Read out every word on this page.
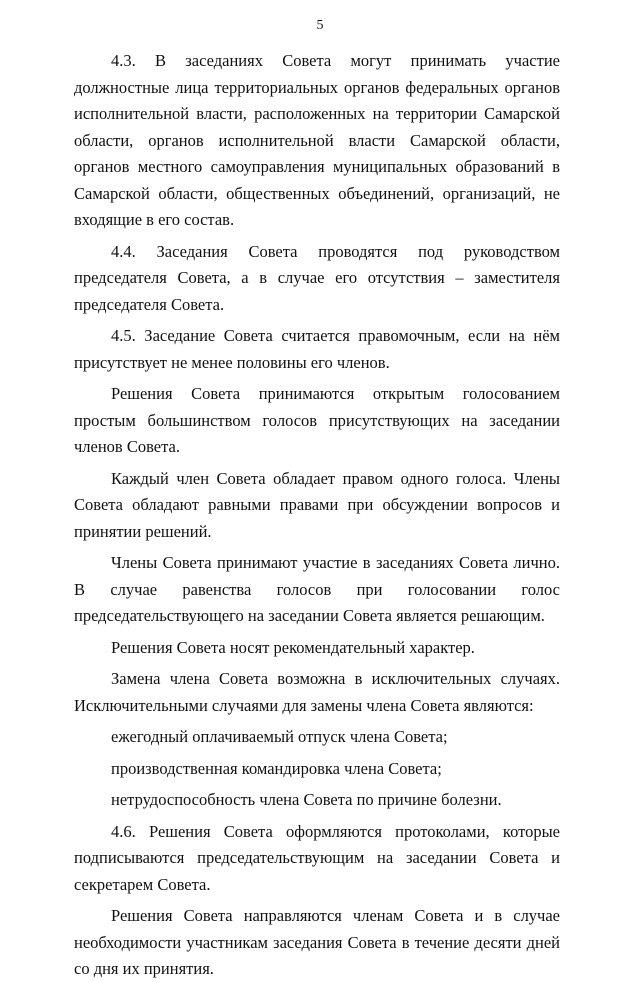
5

4.3. В заседаниях Совета могут принимать участие должностные лица территориальных органов федеральных органов исполнительной власти, расположенных на территории Самарской области, органов исполнительной власти Самарской области, органов местного самоуправления муниципальных образований в Самарской области, общественных объединений, организаций, не входящие в его состав.

4.4. Заседания Совета проводятся под руководством председателя Совета, а в случае его отсутствия – заместителя председателя Совета.

4.5. Заседание Совета считается правомочным, если на нём присутствует не менее половины его членов.

Решения Совета принимаются открытым голосованием простым большинством голосов присутствующих на заседании членов Совета.

Каждый член Совета обладает правом одного голоса. Члены Совета обладают равными правами при обсуждении вопросов и принятии решений.

Члены Совета принимают участие в заседаниях Совета лично. В случае равенства голосов при голосовании голос председательствующего на заседании Совета является решающим.

Решения Совета носят рекомендательный характер.

Замена члена Совета возможна в исключительных случаях. Исключительными случаями для замены члена Совета являются:

ежегодный оплачиваемый отпуск члена Совета;

производственная командировка члена Совета;

нетрудоспособность члена Совета по причине болезни.

4.6. Решения Совета оформляются протоколами, которые подписываются председательствующим на заседании Совета и секретарем Совета.

Решения Совета направляются членам Совета и в случае необходимости участникам заседания Совета в течение десяти дней со дня их принятия.
